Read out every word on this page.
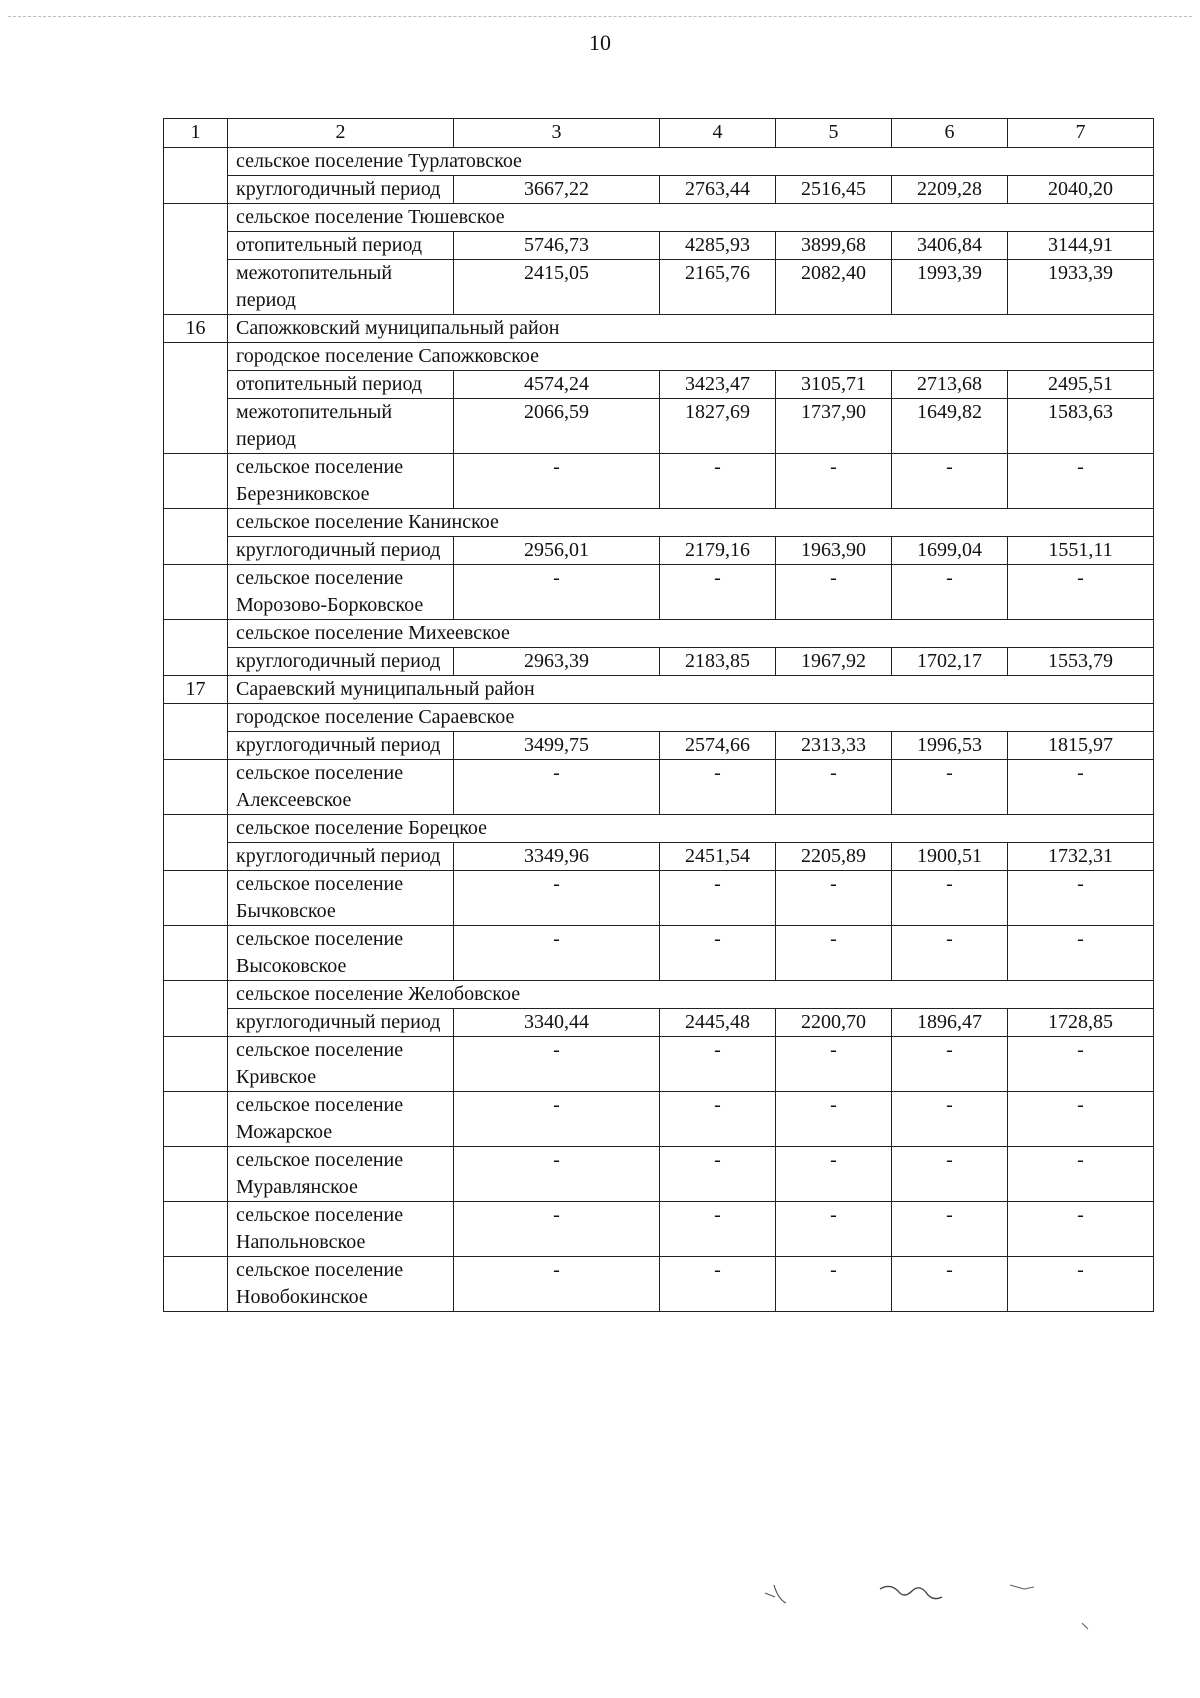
10
1	2	3	4	5	6	7
	сельское поселение Турлатовское					
	круглогодичный период	3667,22	2763,44	2516,45	2209,28	2040,20
	сельское поселение Тюшевское					
	отопительный период	5746,73	4285,93	3899,68	3406,84	3144,91
	межотопительный период	2415,05	2165,76	2082,40	1993,39	1933,39
16	Сапожковский муниципальный район					
	городское поселение Сапожковское					
	отопительный период	4574,24	3423,47	3105,71	2713,68	2495,51
	межотопительный период	2066,59	1827,69	1737,90	1649,82	1583,63
	сельское поселение Березниковское	-	-	-	-	-
	сельское поселение Канинское					
	круглогодичный период	2956,01	2179,16	1963,90	1699,04	1551,11
	сельское поселение Морозово-Борковское	-	-	-	-	-
	сельское поселение Михеевское					
	круглогодичный период	2963,39	2183,85	1967,92	1702,17	1553,79
17	Сараевский муниципальный район					
	городское поселение Сараевское					
	круглогодичный период	3499,75	2574,66	2313,33	1996,53	1815,97
	сельское поселение Алексеевское	-	-	-	-	-
	сельское поселение Борецкое					
	круглогодичный период	3349,96	2451,54	2205,89	1900,51	1732,31
	сельское поселение Бычковское	-	-	-	-	-
	сельское поселение Высоковское	-	-	-	-	-
	сельское поселение Желобовское					
	круглогодичный период	3340,44	2445,48	2200,70	1896,47	1728,85
	сельское поселение Кривское	-	-	-	-	-
	сельское поселение Можарское	-	-	-	-	-
	сельское поселение Муравлянское	-	-	-	-	-
	сельское поселение Напольновское	-	-	-	-	-
	сельское поселение Новобокинское	-	-	-	-	-
